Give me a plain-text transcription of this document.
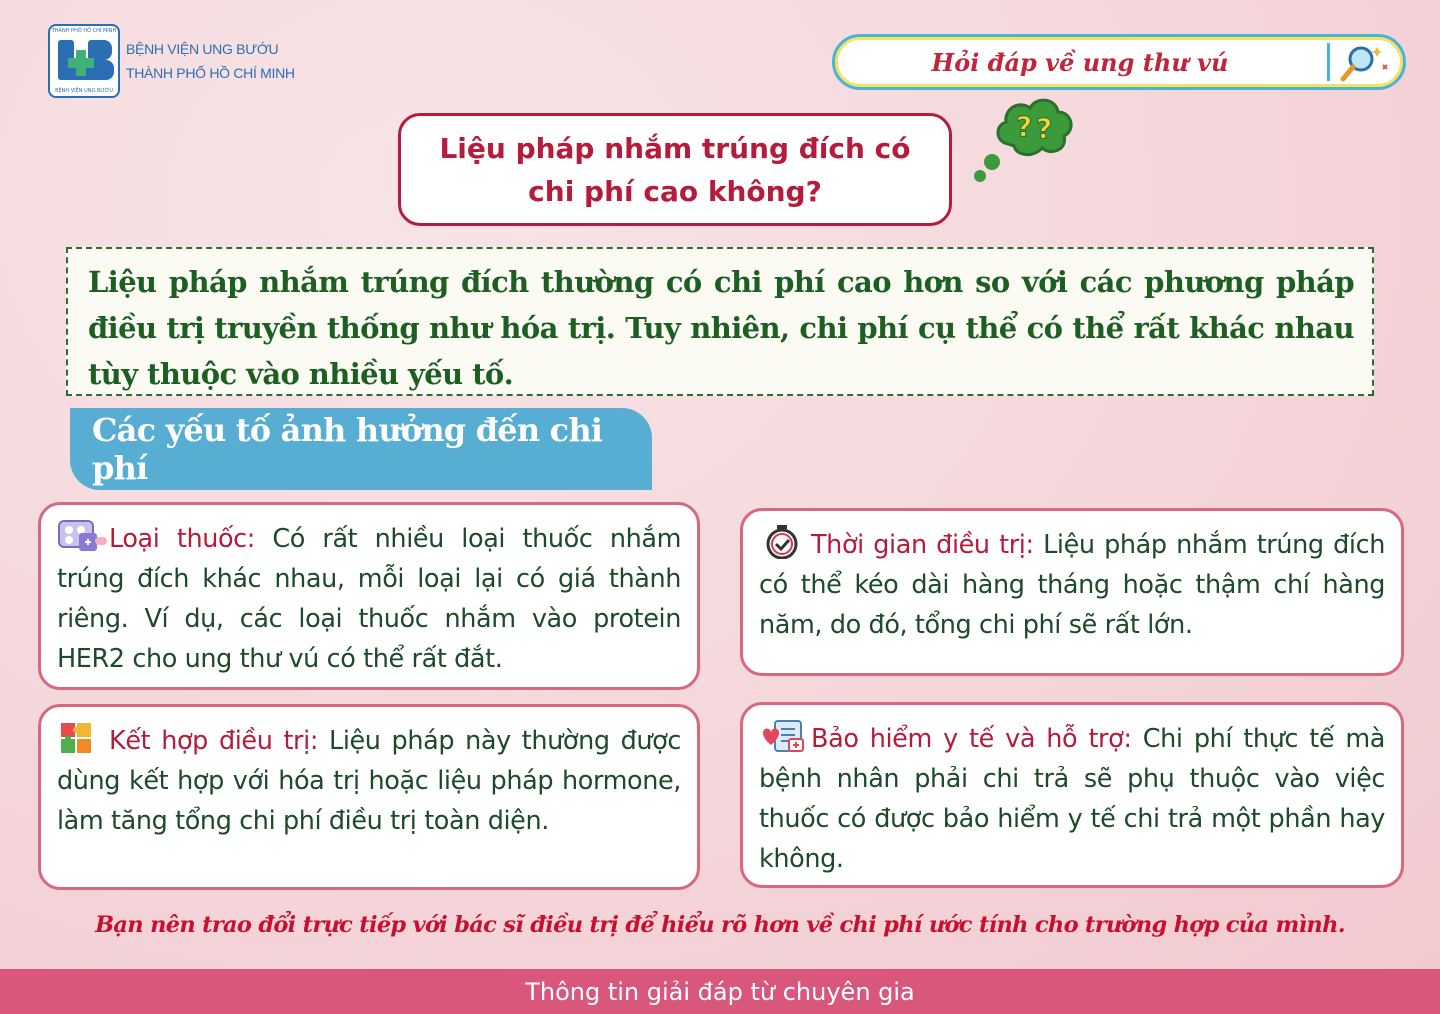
THÀNH PHỐ HỒ CHÍ MINH
BỆNH VIỆN UNG BƯỚU
BỆNH VIỆN UNG BƯỚU
THÀNH PHỐ HỒ CHÍ MINH	Hỏi đáp về ung thư vú
Liệu pháp nhắm trúng đích có
chi phí cao không?
? ?

Liệu pháp nhắm trúng đích thường có chi phí cao hơn so với các phương pháp điều trị truyền thống như hóa trị. Tuy nhiên, chi phí cụ thể có thể rất khác nhau tùy thuộc vào nhiều yếu tố.

Các yếu tố ảnh hưởng đến chi phí

Loại thuốc: Có rất nhiều loại thuốc nhắm trúng đích khác nhau, mỗi loại lại có giá thành riêng. Ví dụ, các loại thuốc nhắm vào protein HER2 cho ung thư vú có thể rất đắt.

Thời gian điều trị: Liệu pháp nhắm trúng đích có thể kéo dài hàng tháng hoặc thậm chí hàng năm, do đó, tổng chi phí sẽ rất lớn.

Kết hợp điều trị: Liệu pháp này thường được dùng kết hợp với hóa trị hoặc liệu pháp hormone, làm tăng tổng chi phí điều trị toàn diện.

Bảo hiểm y tế và hỗ trợ: Chi phí thực tế mà bệnh nhân phải chi trả sẽ phụ thuộc vào việc thuốc có được bảo hiểm y tế chi trả một phần hay không.

Bạn nên trao đổi trực tiếp với bác sĩ điều trị để hiểu rõ hơn về chi phí ước tính cho trường hợp của mình.
Thông tin giải đáp từ chuyên gia
